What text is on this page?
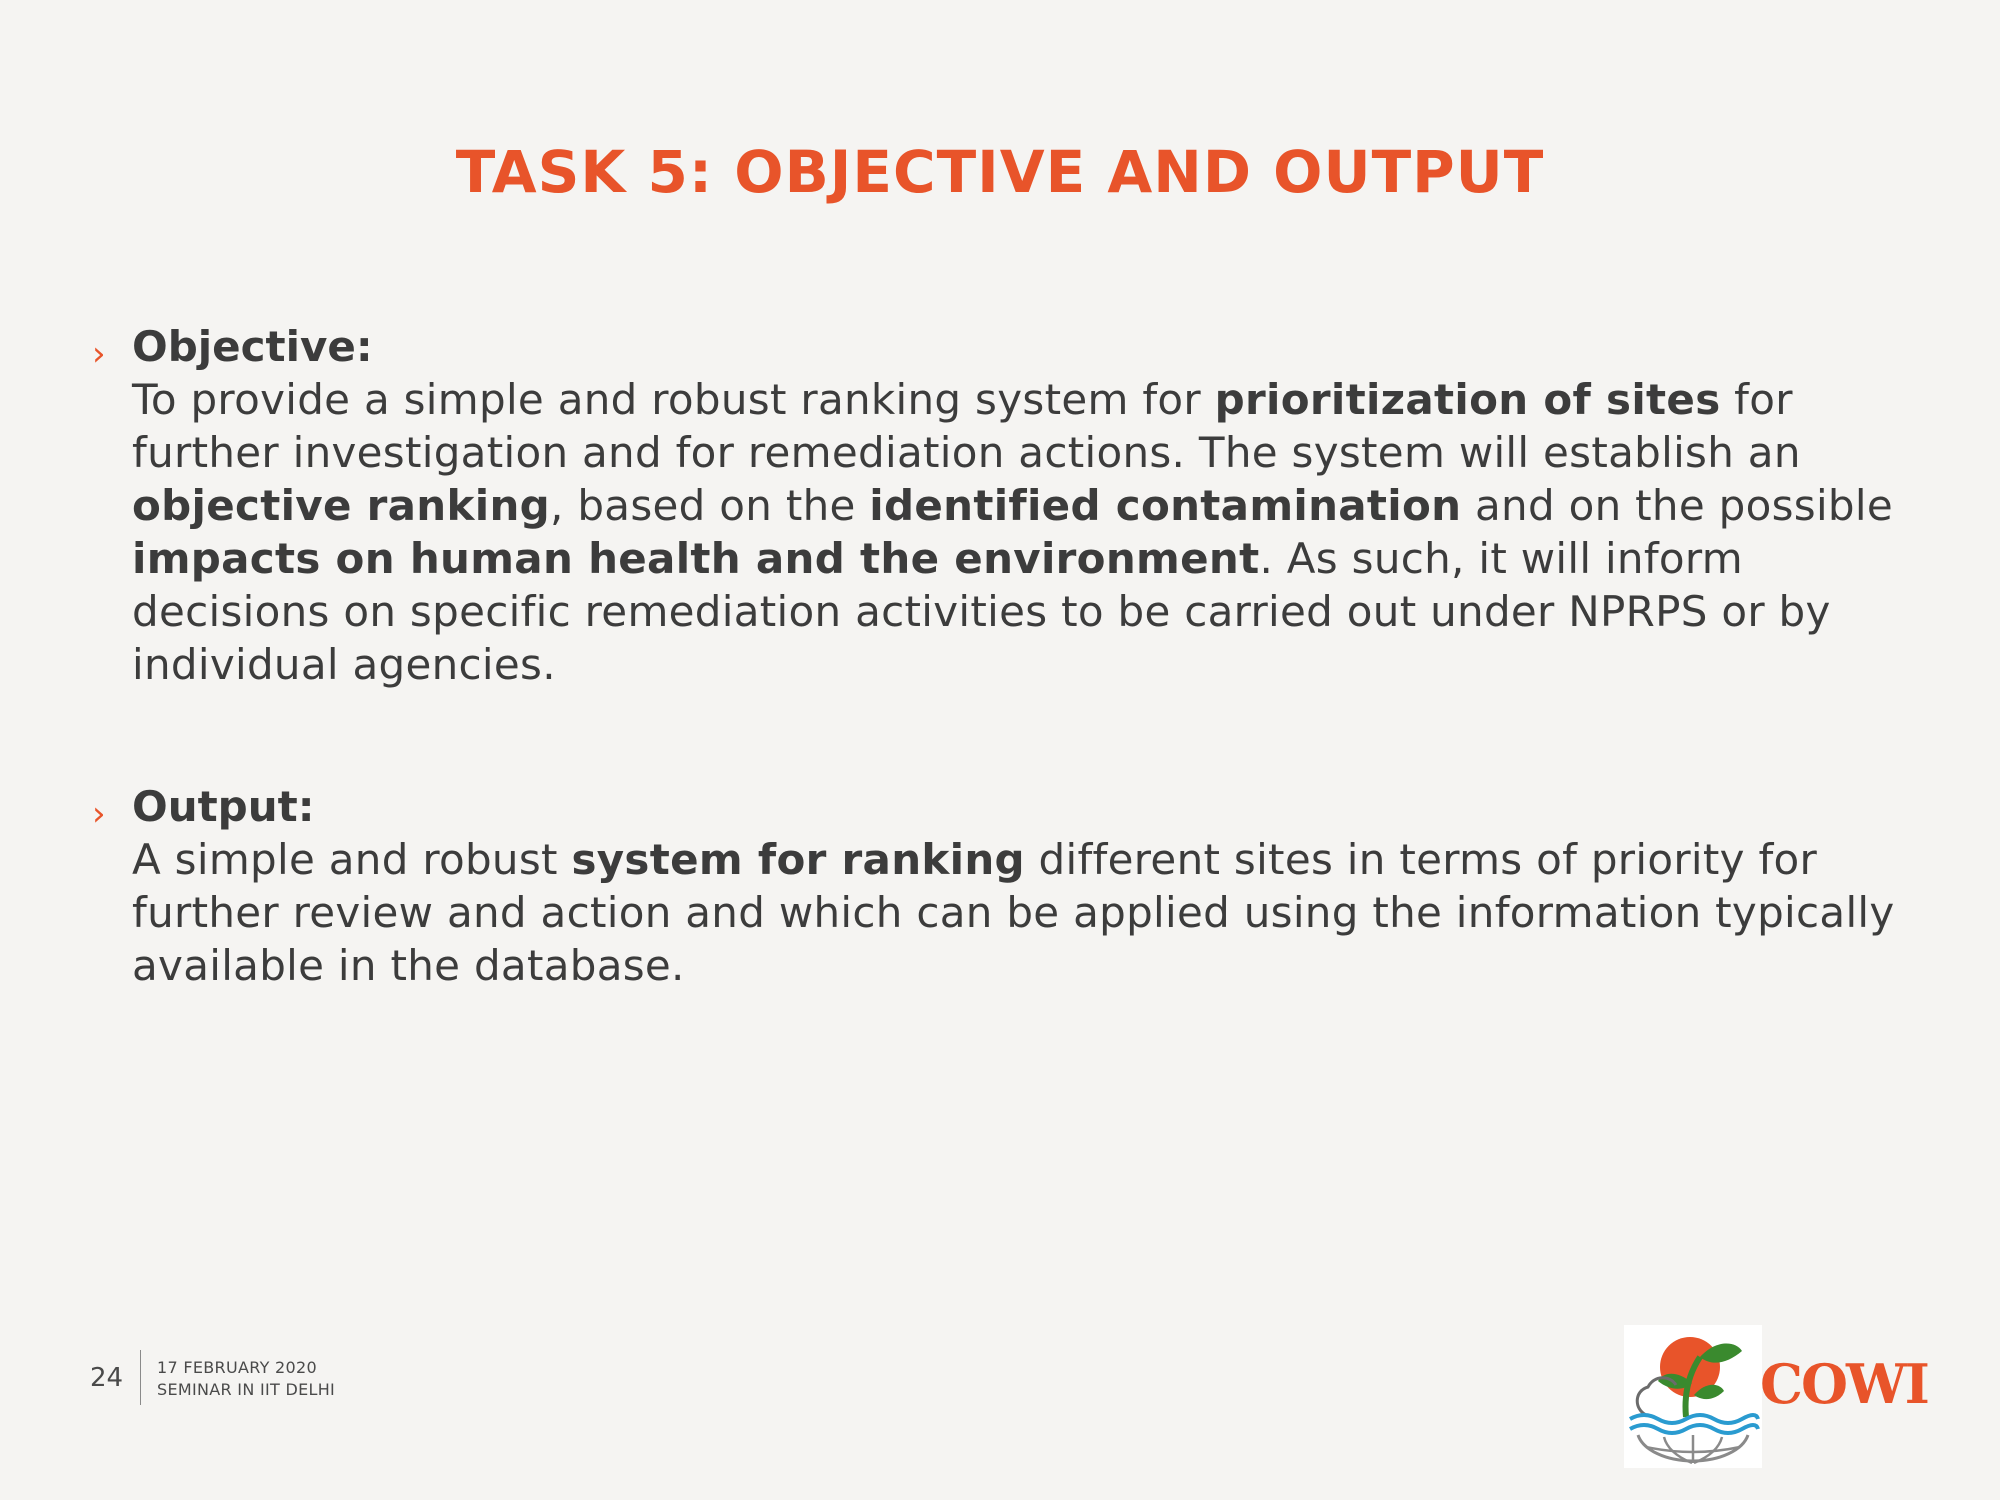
TASK 5: OBJECTIVE AND OUTPUT
› Objective:

To provide a simple and robust ranking system for prioritization of sites for further investigation and for remediation actions. The system will establish an objective ranking, based on the identified contamination and on the possible impacts on human health and the environment. As such, it will inform decisions on specific remediation activities to be carried out under NPRPS or by individual agencies.

› Output:

A simple and robust system for ranking different sites in terms of priority for further review and action and which can be applied using the information typically available in the database.

24 17 FEBRUARY 2020
SEMINAR IN IIT DELHI	COWI
